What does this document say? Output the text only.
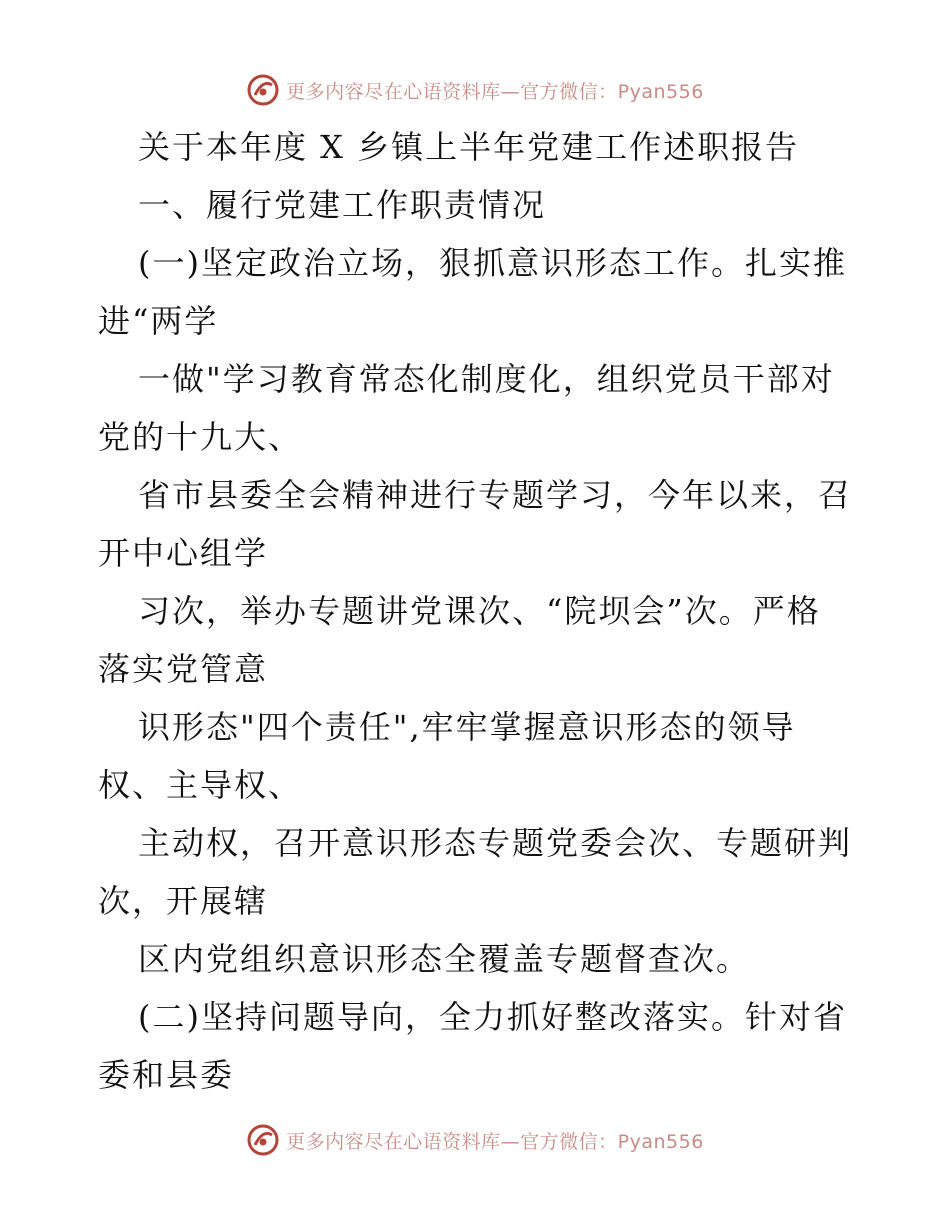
更多内容尽在心语资料库—官方微信：Pyan556
关于本年度 X 乡镇上半年党建工作述职报告
一、履行党建工作职责情况
(一)坚定政治立场，狠抓意识形态工作。扎实推
进“两学
一做"学习教育常态化制度化，组织党员干部对
党的十九大、
省市县委全会精神进行专题学习，今年以来，召
开中心组学
习次，举办专题讲党课次、“院坝会”次。严格
落实党管意
识形态"四个责任",牢牢掌握意识形态的领导
权、主导权、
主动权，召开意识形态专题党委会次、专题研判
次，开展辖
区内党组织意识形态全覆盖专题督查次。
(二)坚持问题导向，全力抓好整改落实。针对省
委和县委
更多内容尽在心语资料库—官方微信：Pyan556
